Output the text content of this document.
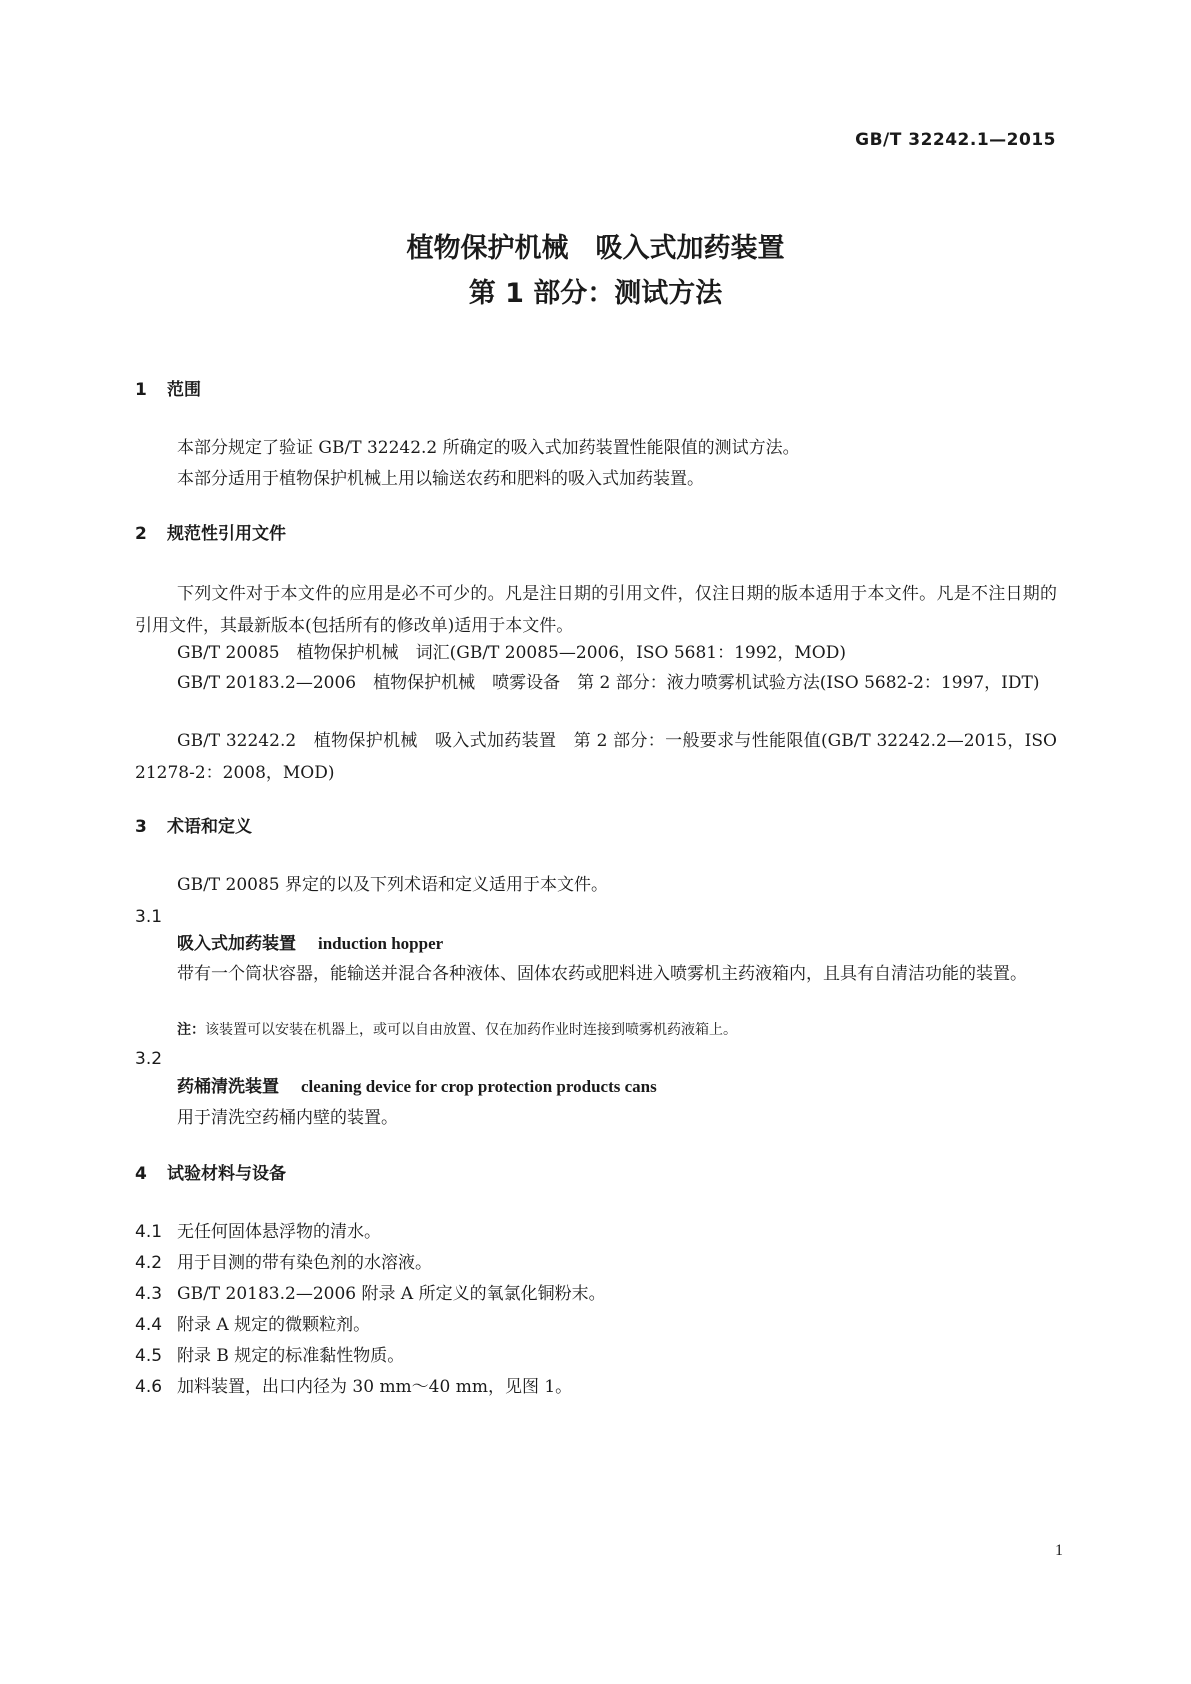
GB/T 32242.1—2015
植物保护机械　吸入式加药装置
第 1 部分：测试方法
1 范围
本部分规定了验证 GB/T 32242.2 所确定的吸入式加药装置性能限值的测试方法。
本部分适用于植物保护机械上用以输送农药和肥料的吸入式加药装置。
2 规范性引用文件
下列文件对于本文件的应用是必不可少的。凡是注日期的引用文件，仅注日期的版本适用于本文件。凡是不注日期的引用文件，其最新版本(包括所有的修改单)适用于本文件。
GB/T 20085　植物保护机械　词汇(GB/T 20085—2006，ISO 5681：1992，MOD)
GB/T 20183.2—2006　植物保护机械　喷雾设备　第 2 部分：液力喷雾机试验方法(ISO 5682-2：1997，IDT)
GB/T 32242.2　植物保护机械　吸入式加药装置　第 2 部分：一般要求与性能限值(GB/T 32242.2—2015，ISO 21278-2：2008，MOD)
3 术语和定义
GB/T 20085 界定的以及下列术语和定义适用于本文件。
3.1
吸入式加药装置 induction hopper
带有一个筒状容器，能输送并混合各种液体、固体农药或肥料进入喷雾机主药液箱内，且具有自清洁功能的装置。
注：该装置可以安装在机器上，或可以自由放置、仅在加药作业时连接到喷雾机药液箱上。
3.2
药桶清洗装置 cleaning device for crop protection products cans
用于清洗空药桶内壁的装置。
4 试验材料与设备
4.1 无任何固体悬浮物的清水。
4.2 用于目测的带有染色剂的水溶液。
4.3 GB/T 20183.2—2006 附录 A 所定义的氧氯化铜粉末。
4.4 附录 A 规定的微颗粒剂。
4.5 附录 B 规定的标准黏性物质。
4.6 加料装置，出口内径为 30 mm～40 mm，见图 1。
1
